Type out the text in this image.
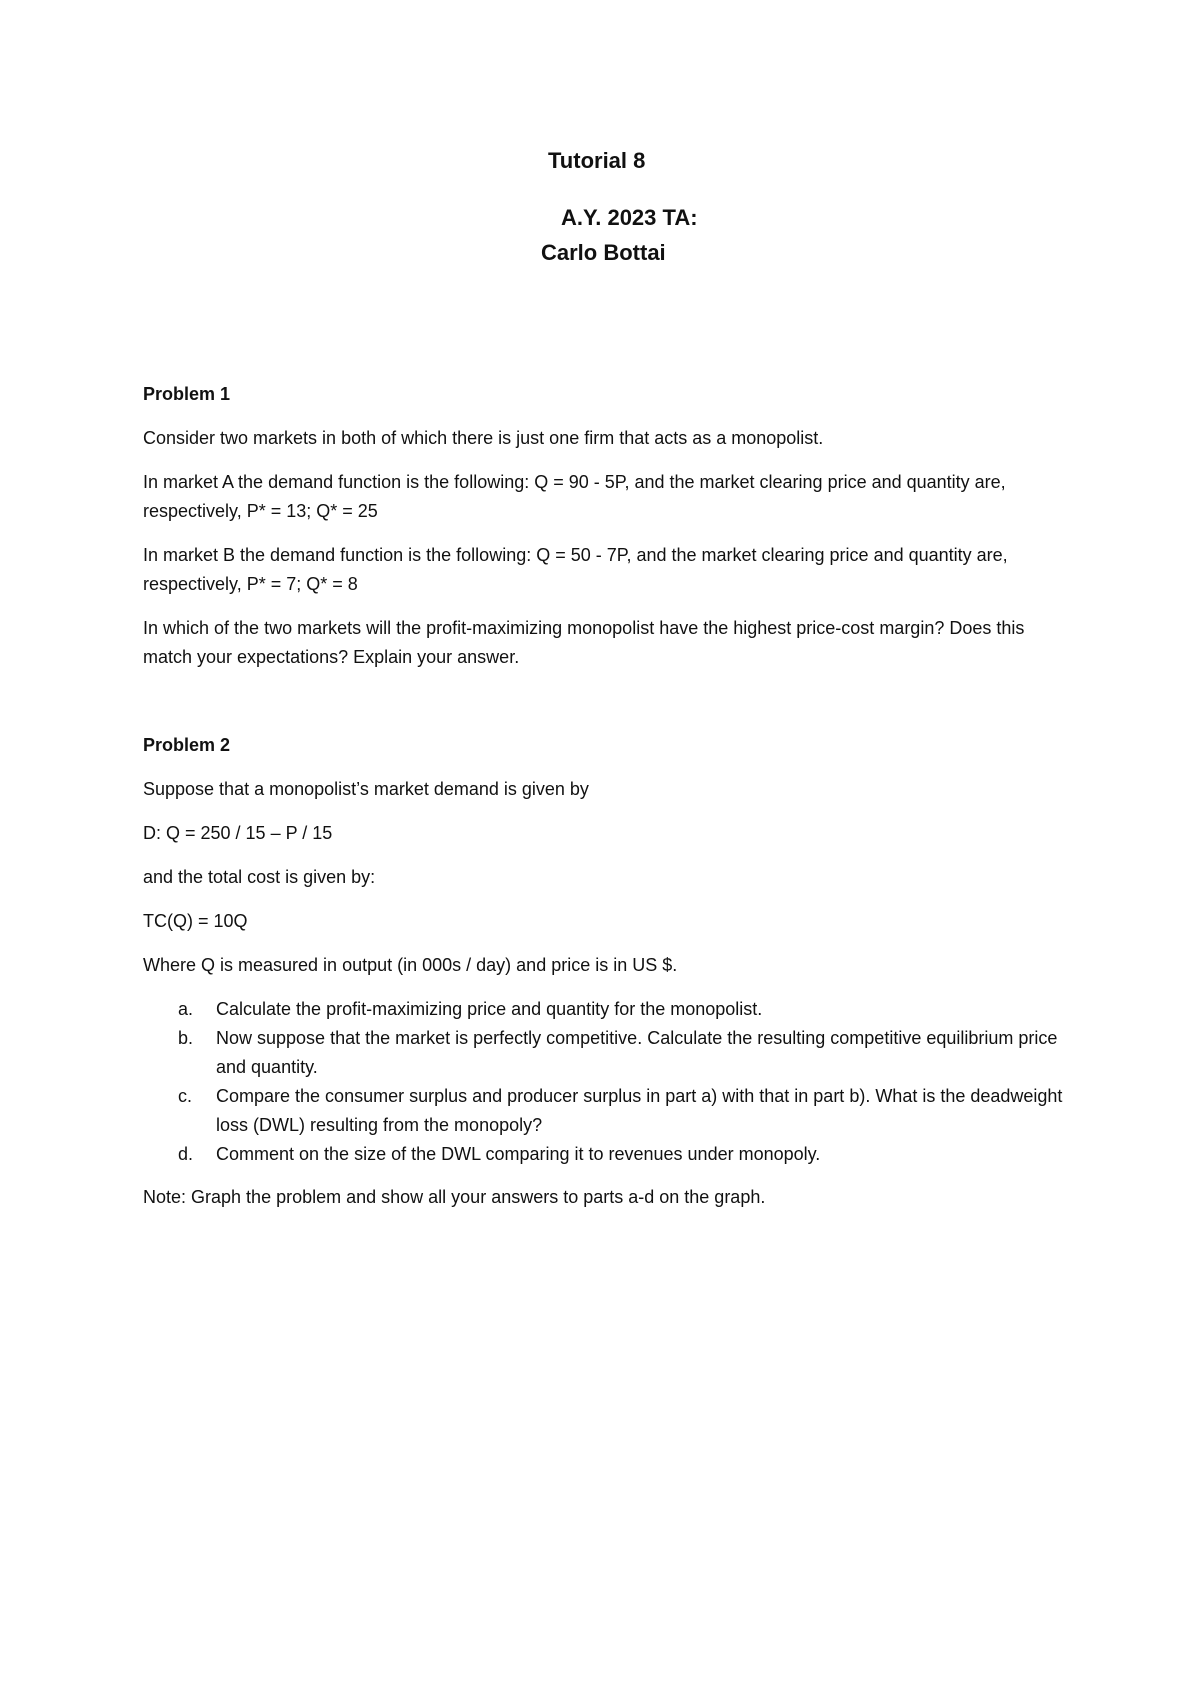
Tutorial 8
A.Y. 2023 TA:
Carlo Bottai
Problem 1

Consider two markets in both of which there is just one firm that acts as a monopolist.

In market A the demand function is the following: Q = 90 - 5P, and the market clearing price and quantity are, respectively, P* = 13; Q* = 25

In market B the demand function is the following: Q = 50 - 7P, and the market clearing price and quantity are, respectively, P* = 7; Q* = 8

In which of the two markets will the profit-maximizing monopolist have the highest price-cost margin? Does this match your expectations? Explain your answer.

Problem 2

Suppose that a monopolist’s market demand is given by

D: Q = 250 / 15 – P / 15

and the total cost is given by:

TC(Q) = 10Q

Where Q is measured in output (in 000s / day) and price is in US $.

a. Calculate the profit-maximizing price and quantity for the monopolist.
b. Now suppose that the market is perfectly competitive. Calculate the resulting competitive equilibrium price and quantity.
c. Compare the consumer surplus and producer surplus in part a) with that in part b). What is the deadweight loss (DWL) resulting from the monopoly?
d. Comment on the size of the DWL comparing it to revenues under monopoly.

Note: Graph the problem and show all your answers to parts a-d on the graph.
